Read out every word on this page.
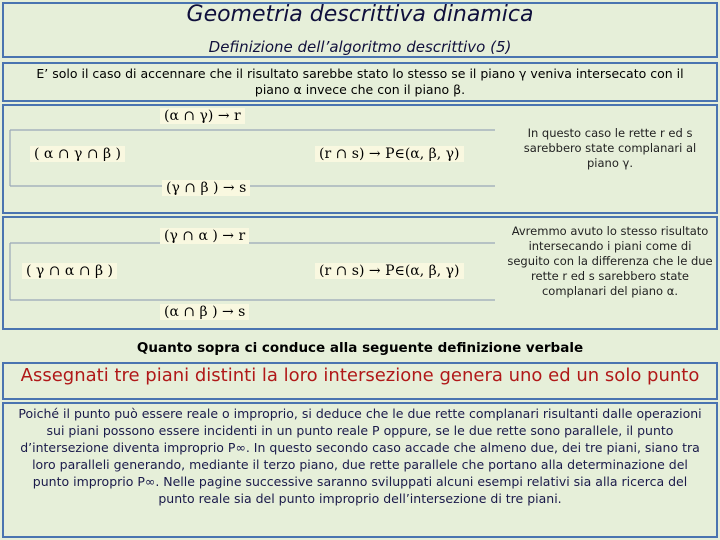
Geometria descrittiva dinamica
Definizione dell’algoritmo descrittivo (5)
E’ solo il caso di accennare che il risultato sarebbe stato lo stesso se il piano γ veniva intersecato con il piano α invece che con il piano β.
(α ∩ γ) → r
( α ∩ γ ∩ β )	(r ∩ s) → P∈(α, β, γ)
(γ ∩ β ) → s
In questo caso le rette r ed s sarebbero state complanari al piano γ.
(γ ∩ α ) → r
( γ ∩ α ∩ β )	(r ∩ s) → P∈(α, β, γ)
(α ∩ β ) → s
Avremmo avuto lo stesso risultato intersecando i piani come di seguito con la differenza che le due rette r ed s sarebbero state complanari del piano α.
Quanto sopra ci conduce alla seguente definizione verbale
Assegnati tre piani distinti la loro intersezione genera uno ed un solo punto
Poiché il punto può essere reale o improprio, si deduce che le due rette complanari risultanti dalle operazioni sui piani possono essere incidenti in un punto reale P oppure, se le due rette sono parallele, il punto d’intersezione diventa improprio P∞. In questo secondo caso accade che almeno due, dei tre piani, siano tra loro paralleli generando, mediante il terzo piano, due rette parallele che portano alla determinazione del punto improprio P∞. Nelle pagine successive saranno sviluppati alcuni esempi relativi sia alla ricerca del punto reale sia del punto improprio dell’intersezione di tre piani.
